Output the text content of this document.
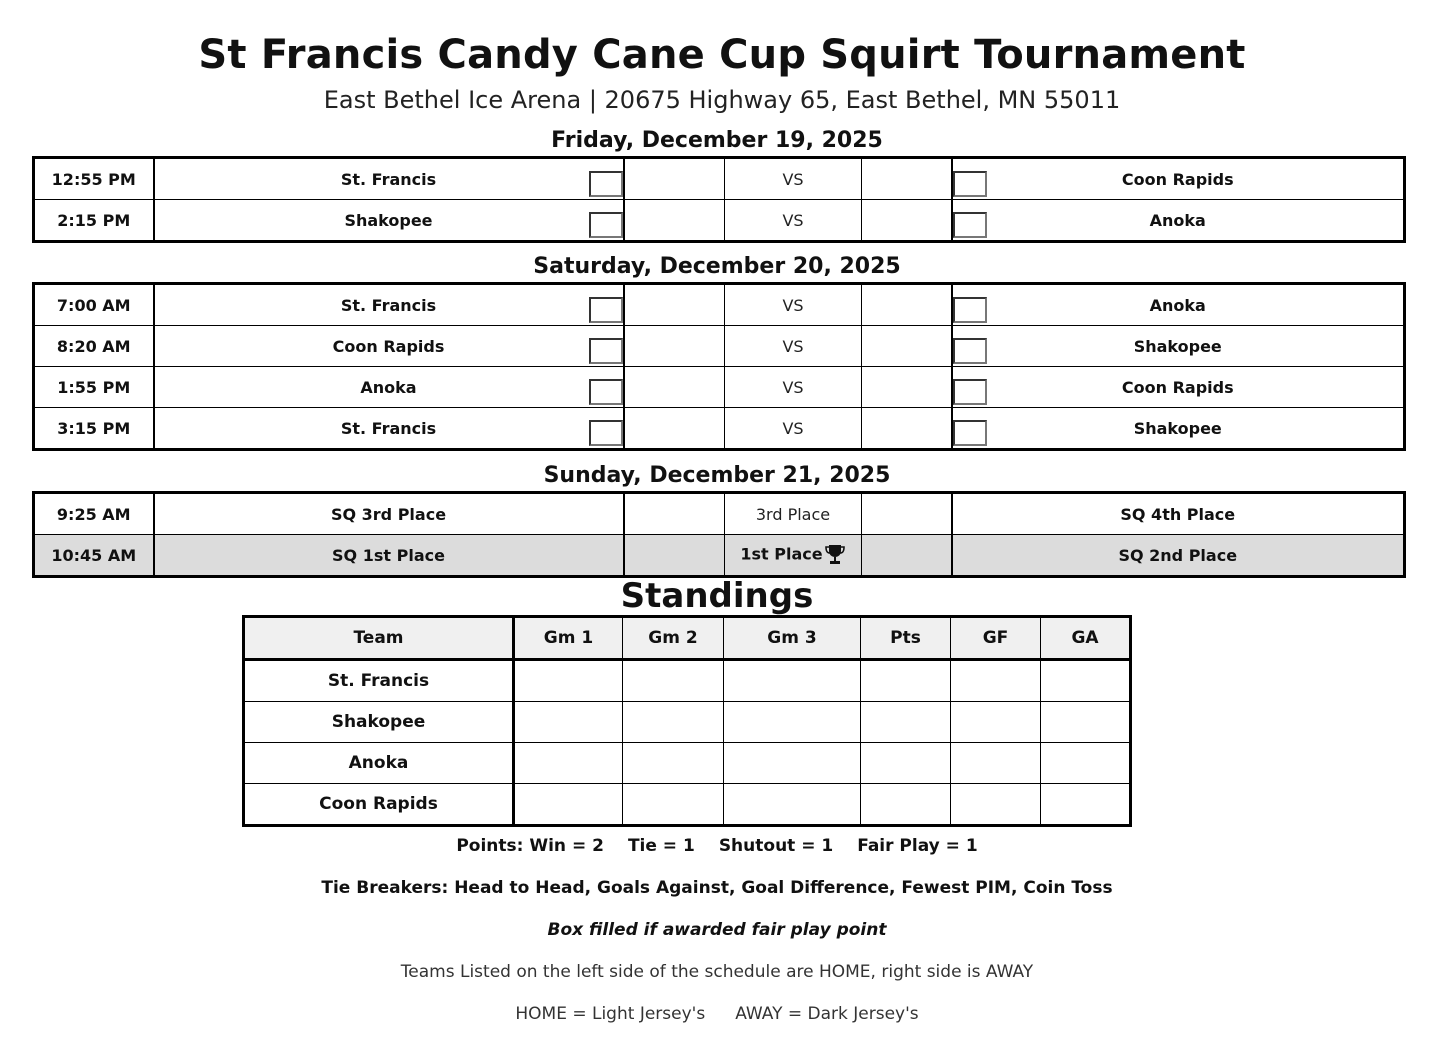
St Francis Candy Cane Cup Squirt Tournament
East Bethel Ice Arena | 20675 Highway 65, East Bethel, MN 55011
Friday, December 19, 2025
12:55 PM	St. Francis		VS		Coon Rapids
2:15 PM	Shakopee		VS		Anoka
Saturday, December 20, 2025
7:00 AM	St. Francis		VS		Anoka
8:20 AM	Coon Rapids		VS		Shakopee
1:55 PM	Anoka		VS		Coon Rapids
3:15 PM	St. Francis		VS		Shakopee
Sunday, December 21, 2025
9:25 AM	SQ 3rd Place		3rd Place		SQ 4th Place
10:45 AM	SQ 1st Place		1st Place		SQ 2nd Place
Standings
Team	Gm 1	Gm 2	Gm 3	Pts	GF	GA
St. Francis						
Shakopee						
Anoka						
Coon Rapids						
Points: Win = 2 Tie = 1 Shutout = 1 Fair Play = 1
Tie Breakers: Head to Head, Goals Against, Goal Difference, Fewest PIM, Coin Toss
Box filled if awarded fair play point
Teams Listed on the left side of the schedule are HOME, right side is AWAY
HOME = Light Jersey's AWAY = Dark Jersey's
